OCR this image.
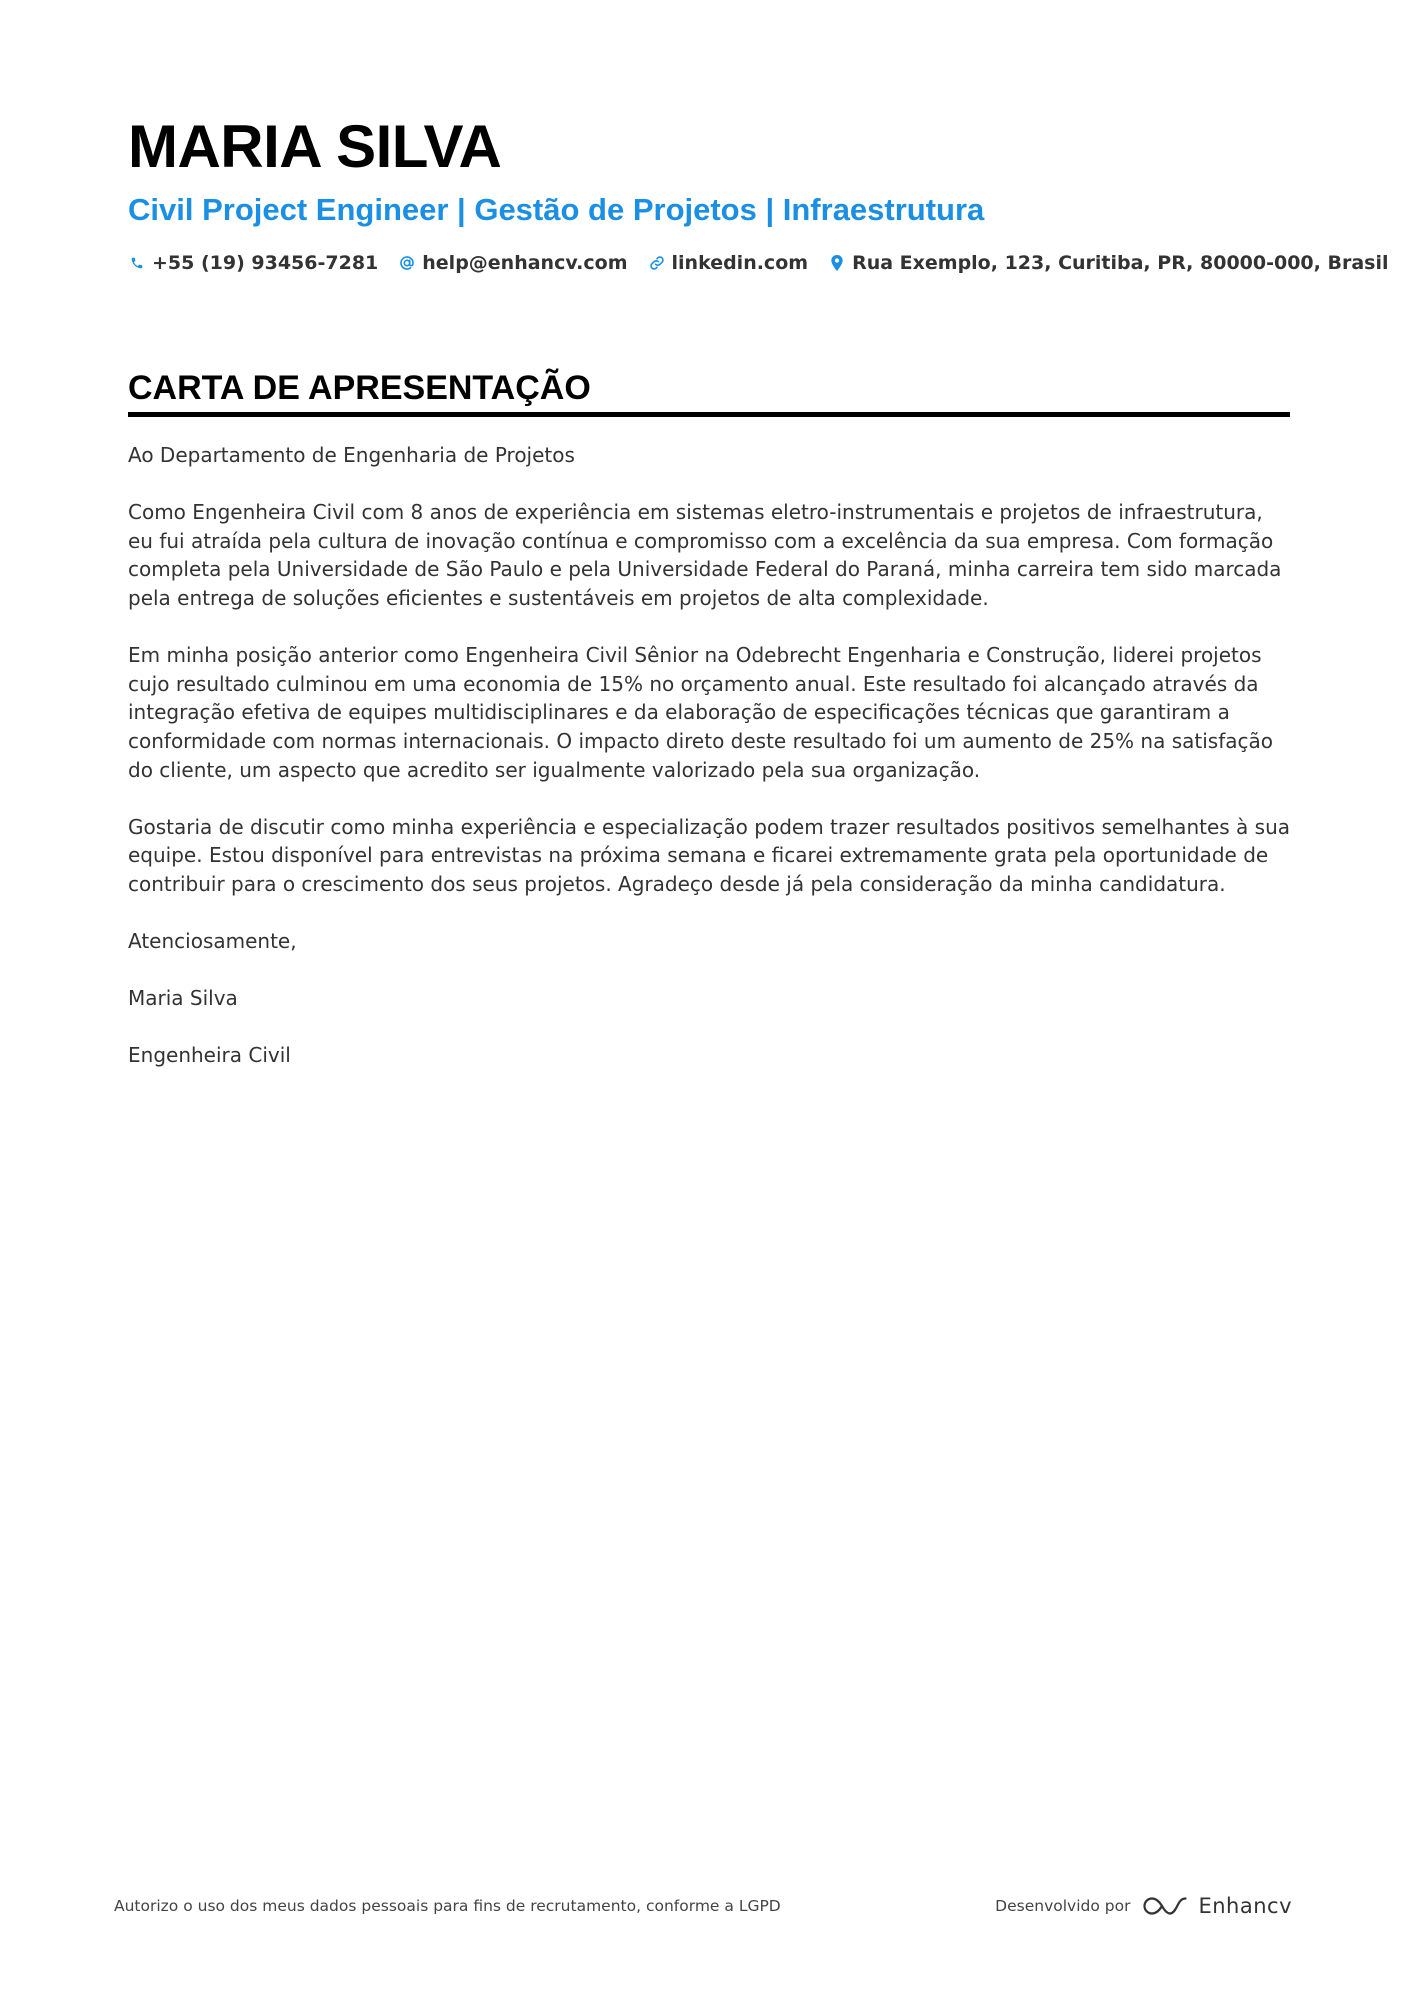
MARIA SILVA
Civil Project Engineer | Gestão de Projetos | Infraestrutura
+55 (19) 93456-7281 help@enhancv.com linkedin.com Rua Exemplo, 123, Curitiba, PR, 80000-000, Brasil
CARTA DE APRESENTAÇÃO

Ao Departamento de Engenharia de Projetos

Como Engenheira Civil com 8 anos de experiência em sistemas eletro-instrumentais e projetos de infraestrutura, eu fui atraída pela cultura de inovação contínua e compromisso com a excelência da sua empresa. Com formação completa pela Universidade de São Paulo e pela Universidade Federal do Paraná, minha carreira tem sido marcada pela entrega de soluções eficientes e sustentáveis em projetos de alta complexidade.

Em minha posição anterior como Engenheira Civil Sênior na Odebrecht Engenharia e Construção, liderei projetos cujo resultado culminou em uma economia de 15% no orçamento anual. Este resultado foi alcançado através da integração efetiva de equipes multidisciplinares e da elaboração de especificações técnicas que garantiram a conformidade com normas internacionais. O impacto direto deste resultado foi um aumento de 25% na satisfação do cliente, um aspecto que acredito ser igualmente valorizado pela sua organização.

Gostaria de discutir como minha experiência e especialização podem trazer resultados positivos semelhantes à sua equipe. Estou disponível para entrevistas na próxima semana e ficarei extremamente grata pela oportunidade de contribuir para o crescimento dos seus projetos. Agradeço desde já pela consideração da minha candidatura.

Atenciosamente,

Maria Silva

Engenheira Civil

Autorizo o uso dos meus dados pessoais para fins de recrutamento, conforme a LGPD	Desenvolvido por	Enhancv
